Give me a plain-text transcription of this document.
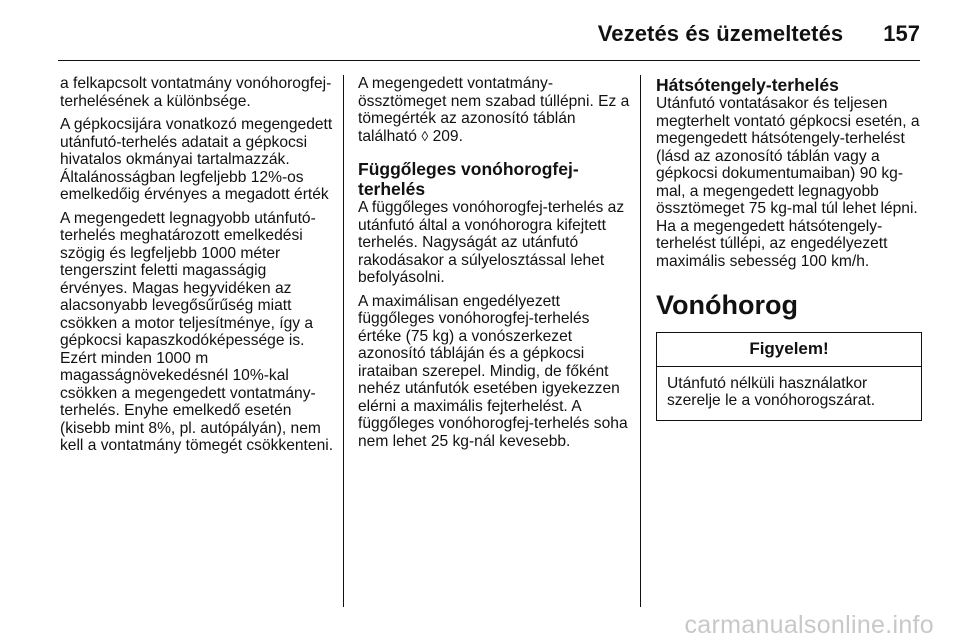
Vezetés és üzemeltetés 157

a felkapcsolt vontatmány vonóhorogfej-terhelésének a különbsége.

A gépkocsijára vonatkozó megengedett utánfutó-terhelés adatait a gépkocsi hivatalos okmányai tartalmazzák. Általánosságban legfeljebb 12%-os emelkedőig érvényes a megadott érték

A megengedett legnagyobb utánfutó-terhelés meghatározott emelkedési szögig és legfeljebb 1000 méter tengerszint feletti magasságig érvényes. Magas hegyvidéken az alacsonyabb levegősűrűség miatt csökken a motor teljesítménye, így a gépkocsi kapaszkodóképessége is. Ezért minden 1000 m magasságnövekedésnél 10%-kal csökken a megengedett vontatmány-terhelés. Enyhe emelkedő esetén (kisebb mint 8%, pl. autópályán), nem kell a vontatmány tömegét csökkenteni.

A megengedett vontatmány-össztömeget nem szabad túllépni. Ez a tömegérték az azonosító táblán található ◊ 209.

Függőleges vonóhorogfej-terhelés

A függőleges vonóhorogfej-terhelés az utánfutó által a vonóhorogra kifejtett terhelés. Nagyságát az utánfutó rakodásakor a súlyelosztással lehet befolyásolni.

A maximálisan engedélyezett függőleges vonóhorogfej-terhelés értéke (75 kg) a vonószerkezet azonosító tábláján és a gépkocsi irataiban szerepel. Mindig, de főként nehéz utánfutók esetében igyekezzen elérni a maximális fejterhelést. A függőleges vonóhorogfej-terhelés soha nem lehet 25 kg-nál kevesebb.

Hátsótengely-terhelés

Utánfutó vontatásakor és teljesen megterhelt vontató gépkocsi esetén, a megengedett hátsótengely-terhelést (lásd az azonosító táblán vagy a gépkocsi dokumentumaiban) 90 kg-mal, a megengedett legnagyobb össztömeget 75 kg-mal túl lehet lépni. Ha a megengedett hátsótengely-terhelést túllépi, az engedélyezett maximális sebesség 100 km/h.

Vonóhorog
Figyelem!
Utánfutó nélküli használatkor szerelje le a vonóhorogszárat.
carmanualsonline.info
